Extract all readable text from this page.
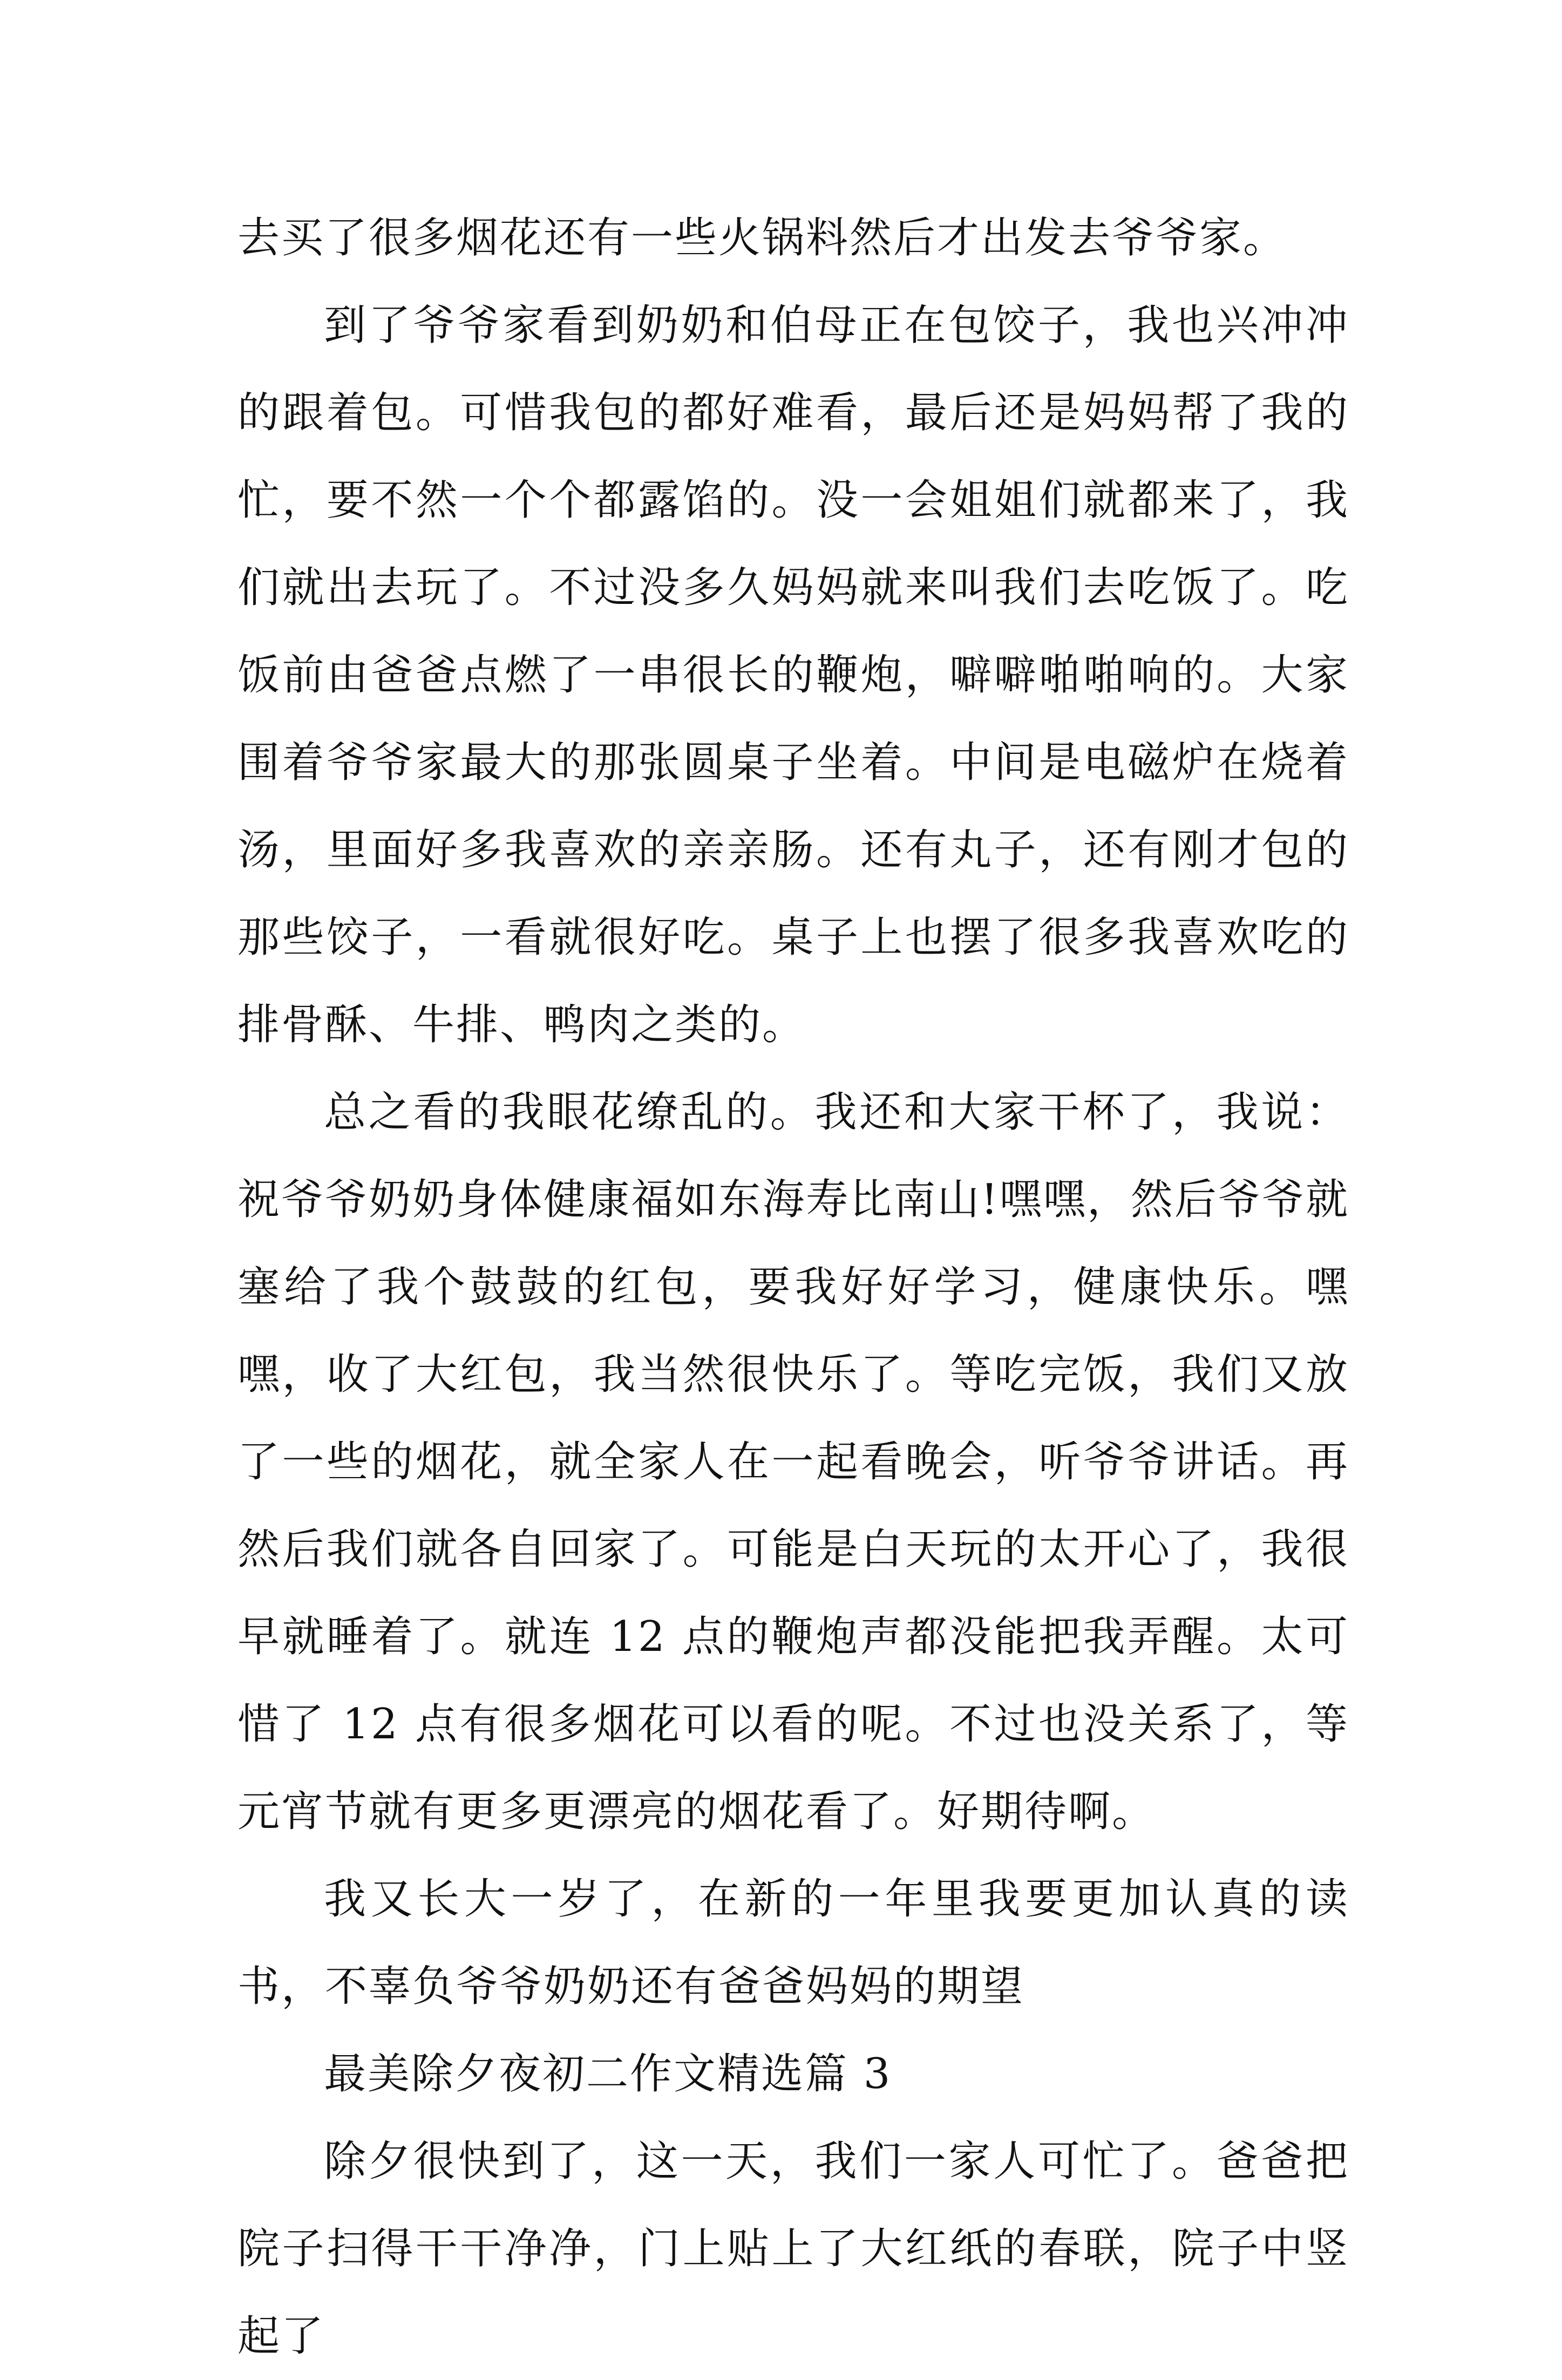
去买了很多烟花还有一些火锅料然后才出发去爷爷家。

到了爷爷家看到奶奶和伯母正在包饺子，我也兴冲冲的跟着包。可惜我包的都好难看，最后还是妈妈帮了我的忙，要不然一个个都露馅的。没一会姐姐们就都来了，我们就出去玩了。不过没多久妈妈就来叫我们去吃饭了。吃饭前由爸爸点燃了一串很长的鞭炮，噼噼啪啪响的。大家围着爷爷家最大的那张圆桌子坐着。中间是电磁炉在烧着汤，里面好多我喜欢的亲亲肠。还有丸子，还有刚才包的那些饺子，一看就很好吃。桌子上也摆了很多我喜欢吃的排骨酥、牛排、鸭肉之类的。

总之看的我眼花缭乱的。我还和大家干杯了，我说：祝爷爷奶奶身体健康福如东海寿比南山!嘿嘿，然后爷爷就塞给了我个鼓鼓的红包，要我好好学习，健康快乐。嘿嘿，收了大红包，我当然很快乐了。等吃完饭，我们又放了一些的烟花，就全家人在一起看晚会，听爷爷讲话。再然后我们就各自回家了。可能是白天玩的太开心了，我很早就睡着了。就连 12 点的鞭炮声都没能把我弄醒。太可惜了 12 点有很多烟花可以看的呢。不过也没关系了，等元宵节就有更多更漂亮的烟花看了。好期待啊。

我又长大一岁了，在新的一年里我要更加认真的读书，不辜负爷爷奶奶还有爸爸妈妈的期望

最美除夕夜初二作文精选篇 3

除夕很快到了，这一天，我们一家人可忙了。爸爸把院子扫得干干净净，门上贴上了大红纸的春联，院子中竖起了
